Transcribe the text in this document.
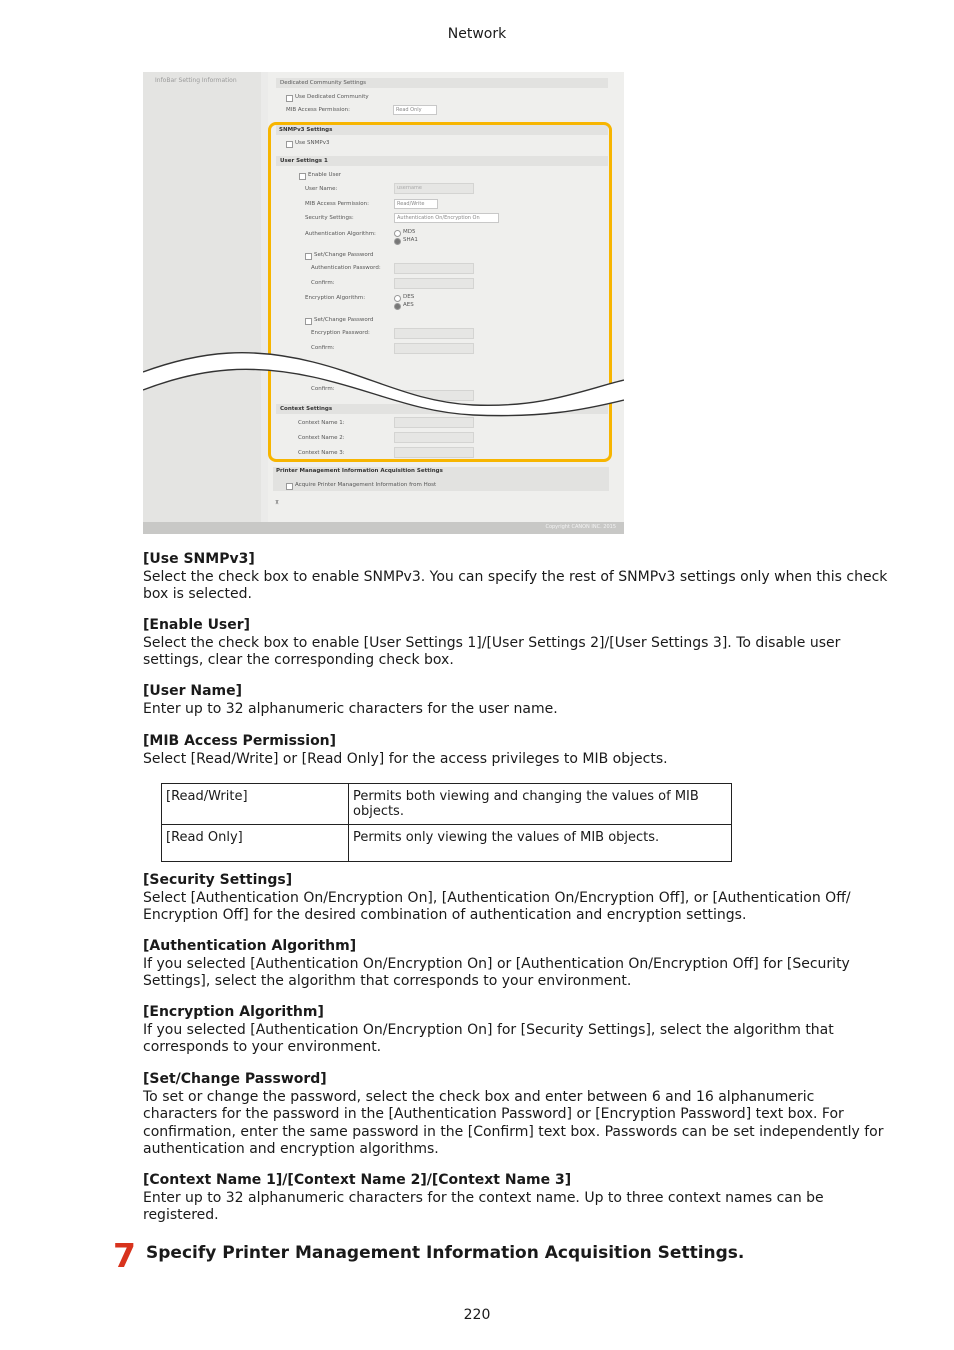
Network
InfoBar Setting Information	Dedicated Community Settings
Use Dedicated Community
MIB Access Permission:	Read Only
SNMPv3 Settings
Use SNMPv3
User Settings 1
Enable User
User Name:	username
MIB Access Permission:	Read/Write
Security Settings:	Authentication On/Encryption On
Authentication Algorithm:	MD5
SHA1
Set/Change Password
Authentication Password:
Confirm:
Encryption Algorithm:	DES
AES
Set/Change Password
Encryption Password:
Confirm:
Confirm:
Context Settings
Context Name 1:
Context Name 2:
Context Name 3:
Printer Management Information Acquisition Settings
Acquire Printer Management Information from Host
⊼
Copyright CANON INC. 2015
[Use SNMPv3]
Select the check box to enable SNMPv3. You can specify the rest of SNMPv3 settings only when this check box is selected.
[Enable User]
Select the check box to enable [User Settings 1]/[User Settings 2]/[User Settings 3]. To disable user settings, clear the corresponding check box.
[User Name]
Enter up to 32 alphanumeric characters for the user name.
[MIB Access Permission]
Select [Read/Write] or [Read Only] for the access privileges to MIB objects.
[Read/Write]	Permits both viewing and changing the values of MIB objects.
[Read Only]	Permits only viewing the values of MIB objects.
[Security Settings]
Select [Authentication On/Encryption On], [Authentication On/Encryption Off], or [Authentication Off/ Encryption Off] for the desired combination of authentication and encryption settings.
[Authentication Algorithm]
If you selected [Authentication On/Encryption On] or [Authentication On/Encryption Off] for [Security Settings], select the algorithm that corresponds to your environment.
[Encryption Algorithm]
If you selected [Authentication On/Encryption On] for [Security Settings], select the algorithm that corresponds to your environment.
[Set/Change Password]
To set or change the password, select the check box and enter between 6 and 16 alphanumeric characters for the password in the [Authentication Password] or [Encryption Password] text box. For confirmation, enter the same password in the [Confirm] text box. Passwords can be set independently for authentication and encryption algorithms.
[Context Name 1]/[Context Name 2]/[Context Name 3]
Enter up to 32 alphanumeric characters for the context name. Up to three context names can be registered.
7 Specify Printer Management Information Acquisition Settings.
220
